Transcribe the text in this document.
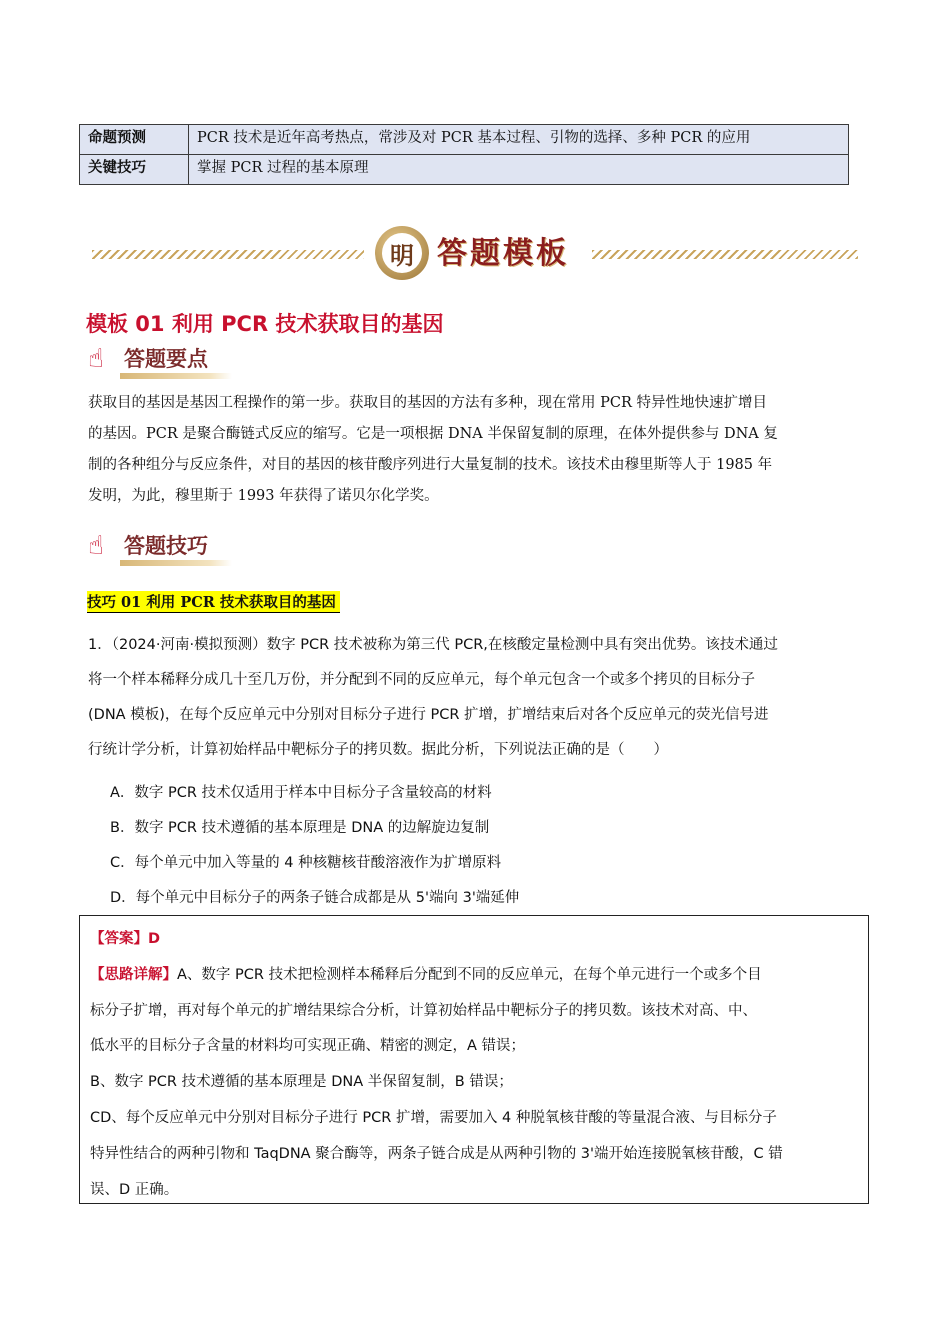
命题预测	PCR 技术是近年高考热点，常涉及对 PCR 基本过程、引物的选择、多种 PCR 的应用
关键技巧	掌握 PCR 过程的基本原理
明 答题模板
模板 01 利用 PCR 技术获取目的基因
☝ 答题要点
获取目的基因是基因工程操作的第一步。获取目的基因的方法有多种，现在常用 PCR 特异性地快速扩增目
的基因。PCR 是聚合酶链式反应的缩写。它是一项根据 DNA 半保留复制的原理，在体外提供参与 DNA 复
制的各种组分与反应条件，对目的基因的核苷酸序列进行大量复制的技术。该技术由穆里斯等人于 1985 年
发明，为此，穆里斯于 1993 年获得了诺贝尔化学奖。
☝ 答题技巧
技巧 01 利用 PCR 技术获取目的基因
1．（2024·河南·模拟预测）数字 PCR 技术被称为第三代 PCR,在核酸定量检测中具有突出优势。该技术通过
将一个样本稀释分成几十至几万份，并分配到不同的反应单元，每个单元包含一个或多个拷贝的目标分子
(DNA 模板)，在每个反应单元中分别对目标分子进行 PCR 扩增，扩增结束后对各个反应单元的荧光信号进
行统计学分析，计算初始样品中靶标分子的拷贝数。据此分析，下列说法正确的是（　　）
A．数字 PCR 技术仅适用于样本中目标分子含量较高的材料
B．数字 PCR 技术遵循的基本原理是 DNA 的边解旋边复制
C．每个单元中加入等量的 4 种核糖核苷酸溶液作为扩增原料
D．每个单元中目标分子的两条子链合成都是从 5'端向 3'端延伸
【答案】D
【思路详解】A、数字 PCR 技术把检测样本稀释后分配到不同的反应单元，在每个单元进行一个或多个目
标分子扩增，再对每个单元的扩增结果综合分析，计算初始样品中靶标分子的拷贝数。该技术对高、中、
低水平的目标分子含量的材料均可实现正确、精密的测定，A 错误；
B、数字 PCR 技术遵循的基本原理是 DNA 半保留复制，B 错误；
CD、每个反应单元中分别对目标分子进行 PCR 扩增，需要加入 4 种脱氧核苷酸的等量混合液、与目标分子
特异性结合的两种引物和 TaqDNA 聚合酶等，两条子链合成是从两种引物的 3'端开始连接脱氧核苷酸，C 错
误、D 正确。
